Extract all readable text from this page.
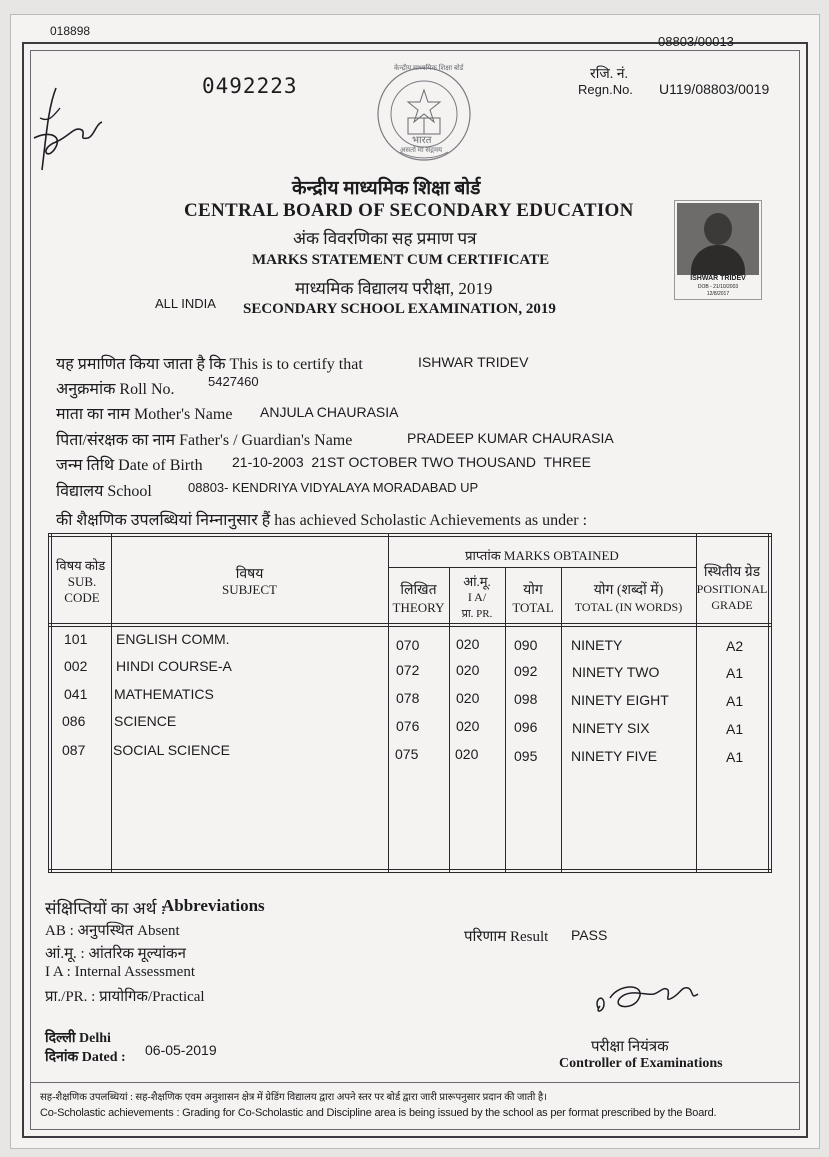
018898
08803/00013
0492223	रजि. नं.
Regn.No. U119/08803/0019
केन्द्रीय माध्यमिक शिक्षा बोर्ड
भारत
असतो मा सद्गमय
केन्द्रीय माध्यमिक शिक्षा बोर्ड
CENTRAL BOARD OF SECONDARY EDUCATION
अंक विवरणिका सह प्रमाण पत्र
MARKS STATEMENT CUM CERTIFICATE
माध्यमिक विद्यालय परीक्षा, 2019
ALL INDIA SECONDARY SCHOOL EXAMINATION, 2019
ISHWAR TRIDEV
DOB - 21/10/2003
12/8/2017
यह प्रमाणित किया जाता है कि This is to certify that	ISHWAR TRIDEV
अनुक्रमांक Roll No.	5427460
माता का नाम Mother's Name ANJULA CHAURASIA
पिता/संरक्षक का नाम Father's / Guardian's Name	PRADEEP KUMAR CHAURASIA
जन्म तिथि Date of Birth 21-10-2003  21ST OCTOBER TWO THOUSAND  THREE
विद्यालय School	08803- KENDRIYA VIDYALAYA MORADABAD UP
की शैक्षणिक उपलब्धियां निम्नानुसार हैं has achieved Scholastic Achievements as under :
विषय कोड
SUB.
CODE
विषय
SUBJECT
प्राप्तांक MARKS OBTAINED
लिखित
THEORY
आं.मू.
I A/
प्रा. PR.
योग
TOTAL
योग (शब्दों में)
TOTAL (IN WORDS)
स्थितीय ग्रेड
POSITIONAL
GRADE
101 ENGLISH COMM.	070	020 090 NINETY	A2
002 HINDI COURSE-A	072	020 092 NINETY TWO	A1
041 MATHEMATICS	078	020 098 NINETY EIGHT	A1
086 SCIENCE	076	020 096 NINETY SIX	A1
087 SOCIAL SCIENCE	075	020	095 NINETY FIVE	A1
संक्षिप्तियों का अर्थ :
Abbreviations
AB : अनुपस्थित Absent
आं.मू. : आंतरिक मूल्यांकन
I A : Internal Assessment
प्रा./PR. : प्रायोगिक/Practical
परिणाम Result PASS
परीक्षा नियंत्रक
Controller of Examinations
दिल्ली Delhi
दिनांक Dated : 06-05-2019
सह-शैक्षणिक उपलब्धियां : सह-शैक्षणिक एवम अनुशासन क्षेत्र में ग्रेडिंग विद्यालय द्वारा अपने स्तर पर बोर्ड द्वारा जारी प्रारूपनुसार प्रदान की जाती है।
Co-Scholastic achievements : Grading for Co-Scholastic and Discipline area is being issued by the school as per format prescribed by the Board.
